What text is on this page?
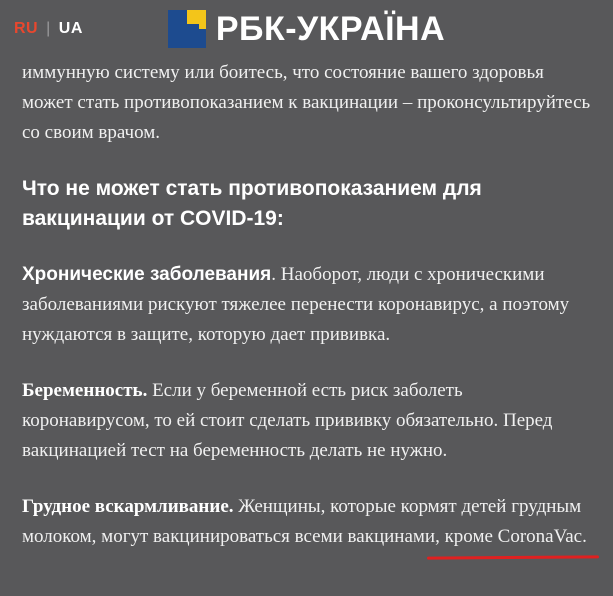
RU | UA	РБК-УКРАЇНА

иммунную систему или боитесь, что состояние вашего здоровья может стать противопоказанием к вакцинации – проконсультируйтесь со своим врачом.

Что не может стать противопоказанием для вакцинации от COVID-19:

Хронические заболевания. Наоборот, люди с хроническими заболеваниями рискуют тяжелее перенести коронавирус, а поэтому нуждаются в защите, которую дает прививка.

Беременность. Если у беременной есть риск заболеть коронавирусом, то ей стоит сделать прививку обязательно. Перед вакцинацией тест на беременность делать не нужно.

Грудное вскармливание. Женщины, которые кормят детей грудным молоком, могут вакцинироваться всеми вакцинами, кроме CoronaVac.
